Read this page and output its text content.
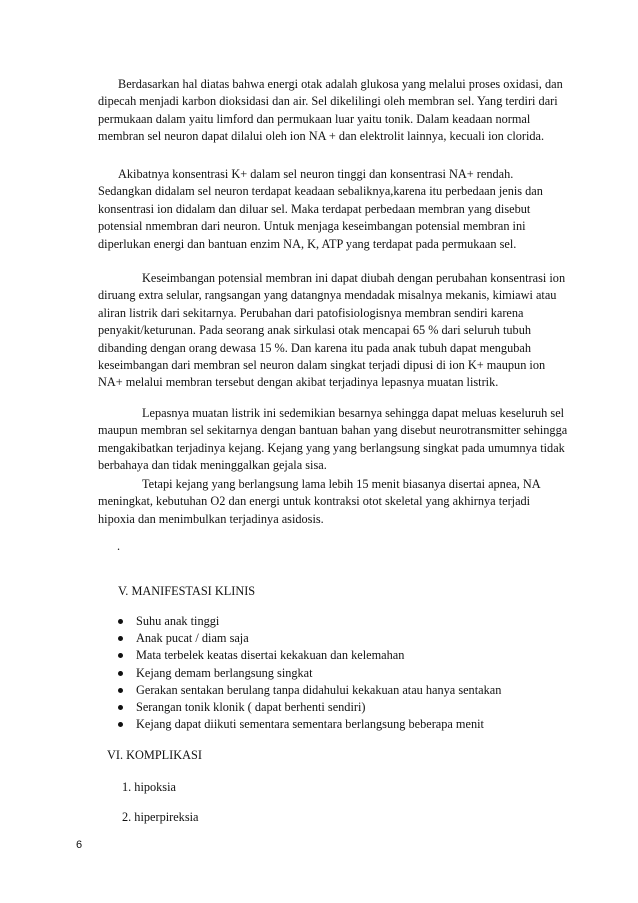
Berdasarkan hal diatas bahwa energi otak adalah glukosa yang melalui proses oxidasi, dan dipecah menjadi karbon dioksidasi dan air. Sel dikelilingi oleh membran sel. Yang terdiri dari permukaan dalam yaitu limford dan permukaan luar yaitu tonik. Dalam keadaan normal membran sel neuron dapat dilalui oleh ion NA + dan elektrolit lainnya, kecuali ion clorida.

Akibatnya konsentrasi K+ dalam sel neuron tinggi dan konsentrasi NA+ rendah. Sedangkan didalam sel neuron terdapat keadaan sebaliknya,karena itu perbedaan jenis dan konsentrasi ion didalam dan diluar sel. Maka terdapat perbedaan membran yang disebut potensial nmembran dari neuron. Untuk menjaga keseimbangan potensial membran ini diperlukan energi dan bantuan enzim NA, K, ATP yang terdapat pada permukaan sel.

Keseimbangan potensial membran ini dapat diubah dengan perubahan konsentrasi ion diruang extra selular, rangsangan yang datangnya mendadak misalnya mekanis, kimiawi atau aliran listrik dari sekitarnya. Perubahan dari patofisiologisnya membran sendiri karena penyakit/keturunan. Pada seorang anak sirkulasi otak mencapai 65 % dari seluruh tubuh dibanding dengan orang dewasa 15 %. Dan karena itu pada anak tubuh dapat mengubah keseimbangan dari membran sel neuron dalam singkat terjadi dipusi di ion K+ maupun ion NA+ melalui membran tersebut dengan akibat terjadinya lepasnya muatan listrik.

Lepasnya muatan listrik ini sedemikian besarnya sehingga dapat meluas keseluruh sel maupun membran sel sekitarnya dengan bantuan bahan yang disebut neurotransmitter sehingga mengakibatkan terjadinya kejang. Kejang yang yang berlangsung singkat pada umumnya tidak berbahaya dan tidak meninggalkan gejala sisa.

Tetapi kejang yang berlangsung lama lebih 15 menit biasanya disertai apnea, NA meningkat, kebutuhan O2 dan energi untuk kontraksi otot skeletal yang akhirnya terjadi hipoxia dan menimbulkan terjadinya asidosis.

.
V. MANIFESTASI KLINIS
Suhu anak tinggi
Anak pucat / diam saja
Mata terbelek keatas disertai kekakuan dan kelemahan
Kejang demam berlangsung singkat
Gerakan sentakan berulang tanpa didahului kekakuan atau hanya sentakan
Serangan tonik klonik ( dapat berhenti sendiri)
Kejang dapat diikuti sementara sementara berlangsung beberapa menit
VI. KOMPLIKASI
1. hipoksia
2. hiperpireksia
6
